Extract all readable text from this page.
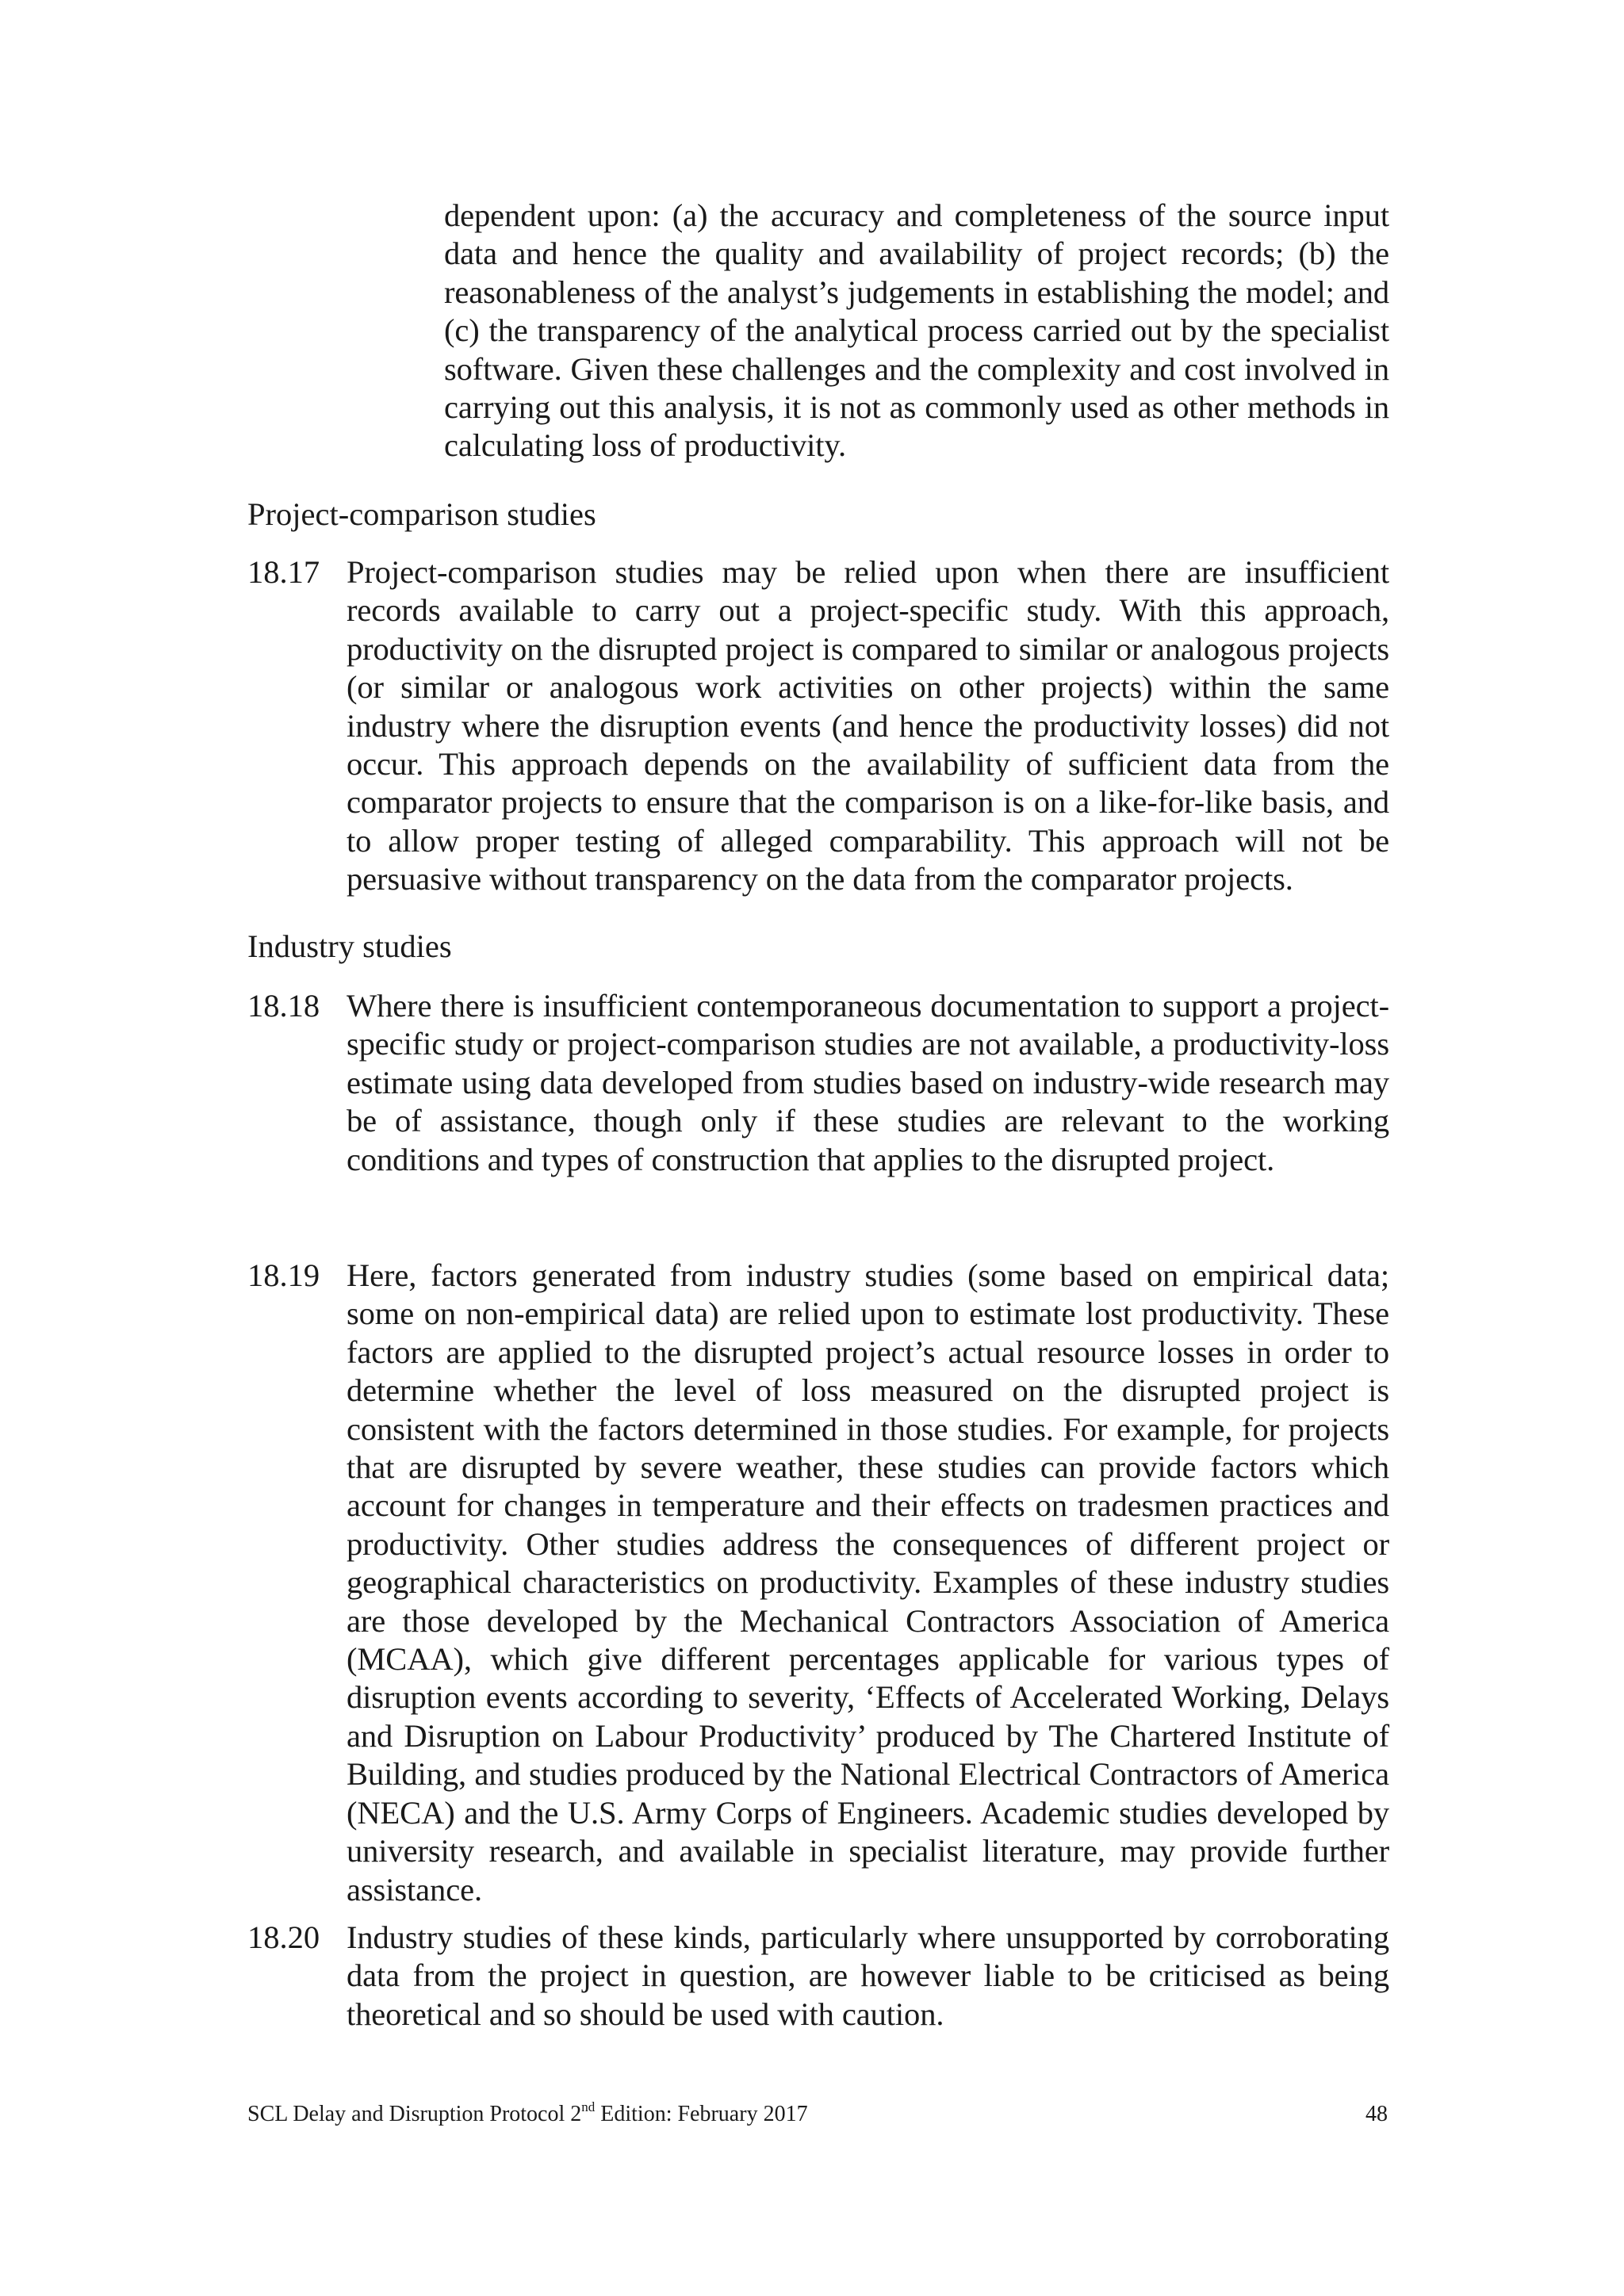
dependent upon: (a) the accuracy and completeness of the source input data and hence the quality and availability of project records; (b) the reasonableness of the analyst’s judgements in establishing the model; and (c) the transparency of the analytical process carried out by the specialist software. Given these challenges and the complexity and cost involved in carrying out this analysis, it is not as commonly used as other methods in calculating loss of productivity.
Project-comparison studies
18.17 Project-comparison studies may be relied upon when there are insufficient records available to carry out a project-specific study. With this approach, productivity on the disrupted project is compared to similar or analogous projects (or similar or analogous work activities on other projects) within the same industry where the disruption events (and hence the productivity losses) did not occur. This approach depends on the availability of sufficient data from the comparator projects to ensure that the comparison is on a like-for-like basis, and to allow proper testing of alleged comparability. This approach will not be persuasive without transparency on the data from the comparator projects.
Industry studies
18.18 Where there is insufficient contemporaneous documentation to support a project-specific study or project-comparison studies are not available, a productivity-loss estimate using data developed from studies based on industry-wide research may be of assistance, though only if these studies are relevant to the working conditions and types of construction that applies to the disrupted project.
18.19 Here, factors generated from industry studies (some based on empirical data; some on non-empirical data) are relied upon to estimate lost productivity. These factors are applied to the disrupted project’s actual resource losses in order to determine whether the level of loss measured on the disrupted project is consistent with the factors determined in those studies. For example, for projects that are disrupted by severe weather, these studies can provide factors which account for changes in temperature and their effects on tradesmen practices and productivity. Other studies address the consequences of different project or geographical characteristics on productivity. Examples of these industry studies are those developed by the Mechanical Contractors Association of America (MCAA), which give different percentages applicable for various types of disruption events according to severity, ‘Effects of Accelerated Working, Delays and Disruption on Labour Productivity’ produced by The Chartered Institute of Building, and studies produced by the National Electrical Contractors of America (NECA) and the U.S. Army Corps of Engineers. Academic studies developed by university research, and available in specialist literature, may provide further assistance.
18.20 Industry studies of these kinds, particularly where unsupported by corroborating data from the project in question, are however liable to be criticised as being theoretical and so should be used with caution.
SCL Delay and Disruption Protocol 2nd Edition: February 2017	48
